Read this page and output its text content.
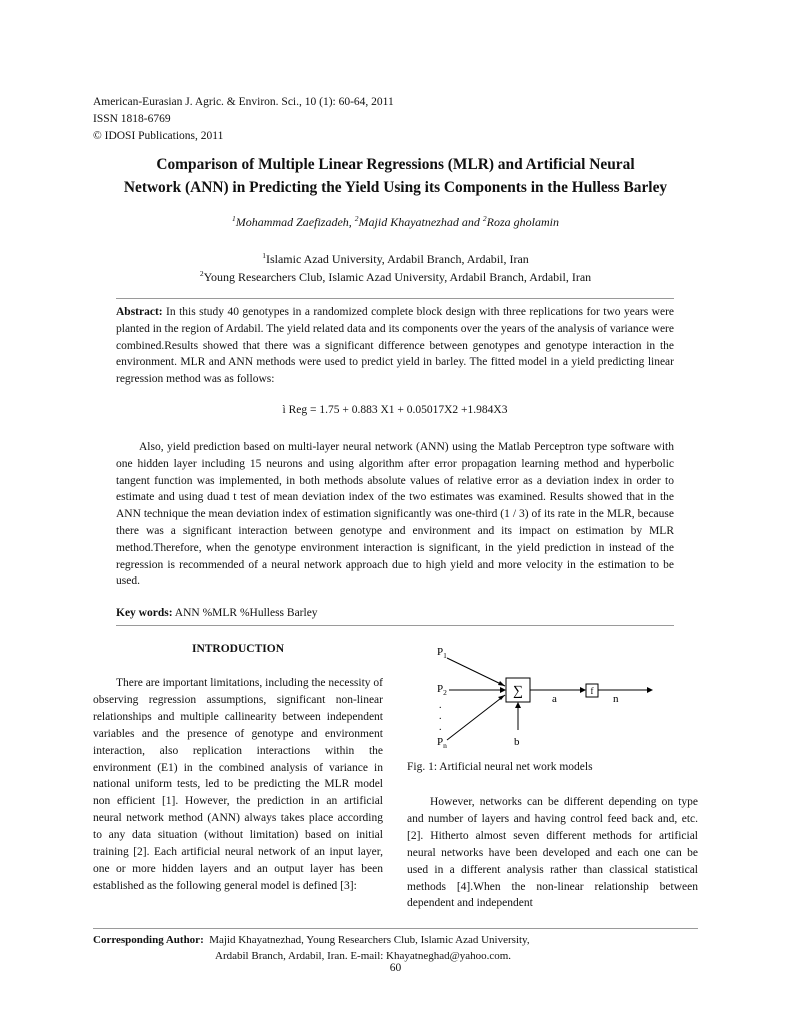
American-Eurasian J. Agric. & Environ. Sci., 10 (1): 60-64, 2011
ISSN 1818-6769
© IDOSI Publications, 2011
Comparison of Multiple Linear Regressions (MLR) and Artificial Neural
Network (ANN) in Predicting the Yield Using its Components in the Hulless Barley
$^1$Mohammad Zaefizadeh, $^2$Majid Khayatnezhad and $^2$Roza gholamin
$^1$Islamic Azad University, Ardabil Branch, Ardabil, Iran
$^2$Young Researchers Club, Islamic Azad University, Ardabil Branch, Ardabil, Iran
Abstract: In this study 40 genotypes in a randomized complete block design with three replications for two years were planted in the region of Ardabil. The yield related data and its components over the years of the analysis of variance were combined.Results showed that there was a significant difference between genotypes and genotype interaction in the environment. MLR and ANN methods were used to predict yield in barley. The fitted model in a yield predicting linear regression method was as follows:
ì Reg = 1.75 + 0.883 X1 + 0.05017X2 +1.984X3
Also, yield prediction based on multi-layer neural network (ANN) using the Matlab Perceptron type software with one hidden layer including 15 neurons and using algorithm after error propagation learning method and hyperbolic tangent function was implemented, in both methods absolute values of relative error as a deviation index in order to estimate and using duad t test of mean deviation index of the two estimates was examined. Results showed that in the ANN technique the mean deviation index of estimation significantly was one-third (1 / 3) of its rate in the MLR, because there was a significant interaction between genotype and environment and its impact on estimation by MLR method.Therefore, when the genotype environment interaction is significant, in the yield prediction in instead of the regression is recommended of a neural network approach due to high yield and more velocity in the estimation to be used.
Key words: ANN %MLR %Hulless Barley
INTRODUCTION
There are important limitations, including the necessity of observing regression assumptions, significant non-linear relationships and multiple callinearity between independent variables and the presence of genotype and environment interaction, also replication interactions within the environment (E1) in the combined analysis of variance in national uniform tests, led to be predicting the MLR model non efficient [1]. However, the prediction in an artificial neural network method (ANN) always takes place according to any data situation (without limitation) based on initial training [2]. Each artificial neural network of an input layer, one or more hidden layers and an output layer has been established as the following general model is defined [3]:
$P_1$
$P_2$
.
.
.
$P_n$
∑
b
a
f
n
Fig. 1: Artificial neural net work models
However, networks can be different depending on type and number of layers and having control feed back and, etc. [2]. Hitherto almost seven different methods for artificial neural networks have been developed and each one can be used in a different analysis rather than classical statistical methods [4].When the non-linear relationship between dependent and independent
Corresponding Author:  Majid Khayatnezhad, Young Researchers Club, Islamic Azad University,
Ardabil Branch, Ardabil, Iran. E-mail: Khayatneghad@yahoo.com.
60
